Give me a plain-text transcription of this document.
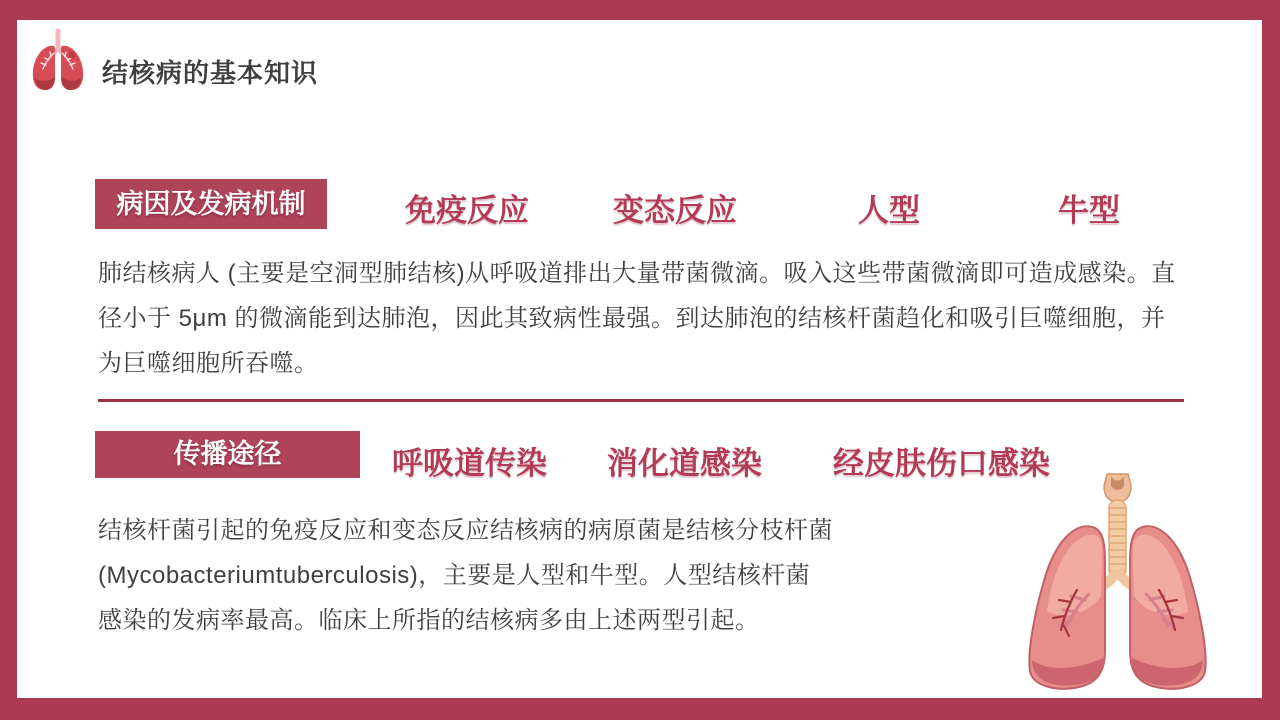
结核病的基本知识
病因及发病机制	免疫反应	变态反应	人型	牛型
肺结核病人 (主要是空洞型肺结核)从呼吸道排出大量带菌微滴。吸入这些带菌微滴即可造成感染。直
径小于 5μm 的微滴能到达肺泡，因此其致病性最强。到达肺泡的结核杆菌趋化和吸引巨噬细胞，并
为巨噬细胞所吞噬。
传播途径	呼吸道传染 消化道感染 经皮肤伤口感染
结核杆菌引起的免疫反应和变态反应结核病的病原菌是结核分枝杆菌
(Mycobacteriumtuberculosis)，主要是人型和牛型。人型结核杆菌
感染的发病率最高。临床上所指的结核病多由上述两型引起。
